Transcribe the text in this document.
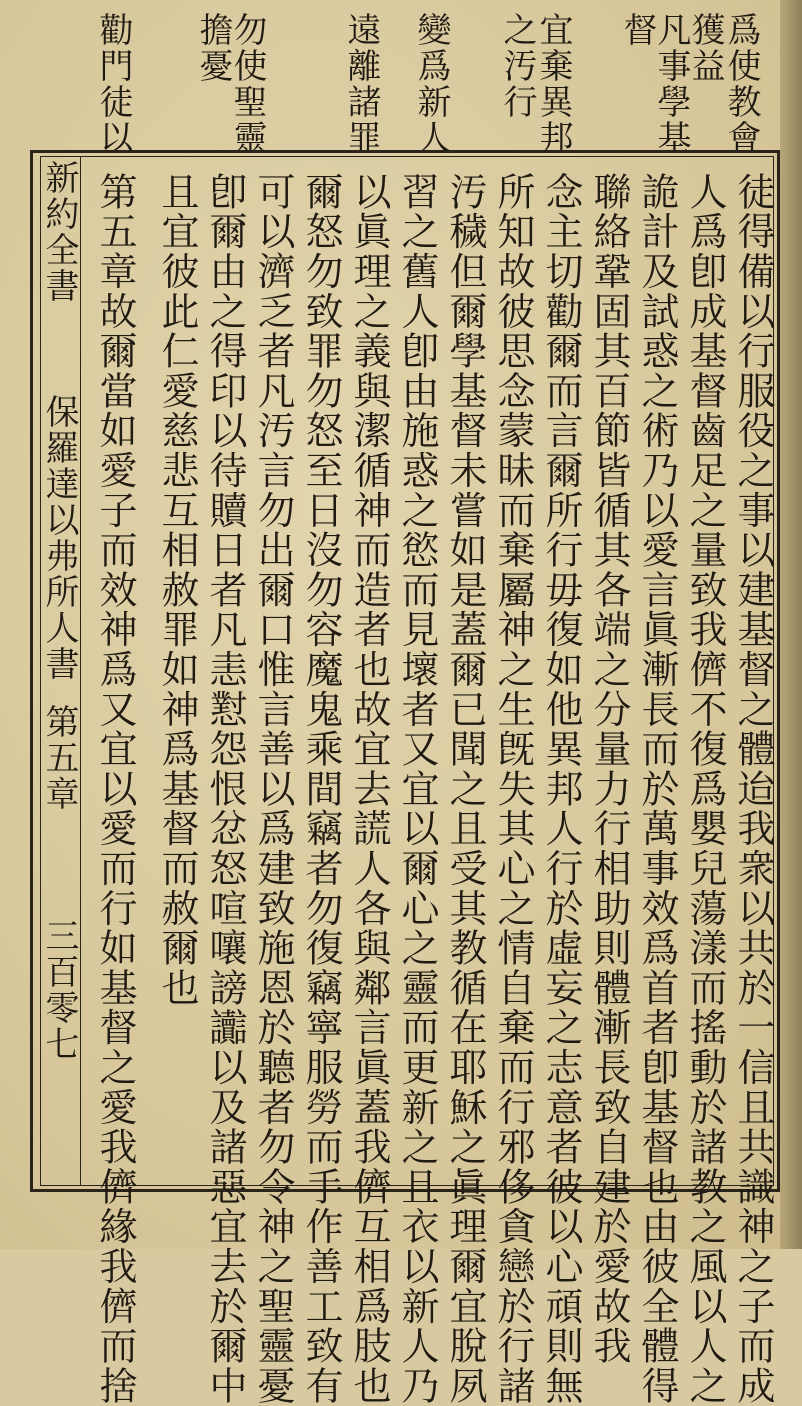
爲使教會
獲益
凡事學基
督
宜棄異邦
之汚行
變爲新人
遠離諸罪
勿使聖靈
擔憂
勸門徒以
徒得備以行服役之事以建基督之體迨我衆以共於一信且共識神之子而成
人爲卽成基督齒足之量致我儕不復爲嬰兒蕩漾而搖動於諸教之風以人之
詭計及試惑之術乃以愛言眞漸長而於萬事效爲首者卽基督也由彼全體得
聯絡鞏固其百節皆循其各端之分量力行相助則體漸長致自建於愛故我
念主切勸爾而言爾所行毋復如他異邦人行於虛妄之志意者彼以心頑則無
所知故彼思念蒙昧而棄屬神之生旣失其心之情自棄而行邪侈貪戀於行諸
汚穢但爾學基督未嘗如是蓋爾已聞之且受其教循在耶穌之眞理爾宜脫夙
習之舊人卽由施惑之慾而見壞者又宜以爾心之靈而更新之且衣以新人乃
以眞理之義與潔循神而造者也故宜去謊人各與鄰言眞蓋我儕互相爲肢也
爾怒勿致罪勿怒至日沒勿容魔鬼乘間竊者勿復竊寧服勞而手作善工致有
可以濟乏者凡汚言勿出爾口惟言善以爲建致施恩於聽者勿令神之聖靈憂
卽爾由之得印以待贖日者凡恚懟怨恨忿怒喧嚷謗讟以及諸惡宜去於爾中
且宜彼此仁愛慈悲互相赦罪如神爲基督而赦爾也
第五章故爾當如愛子而效神爲又宜以愛而行如基督之愛我儕緣我儕而捨
新約全書
保羅達以弗所人書
第五章
三百零七
